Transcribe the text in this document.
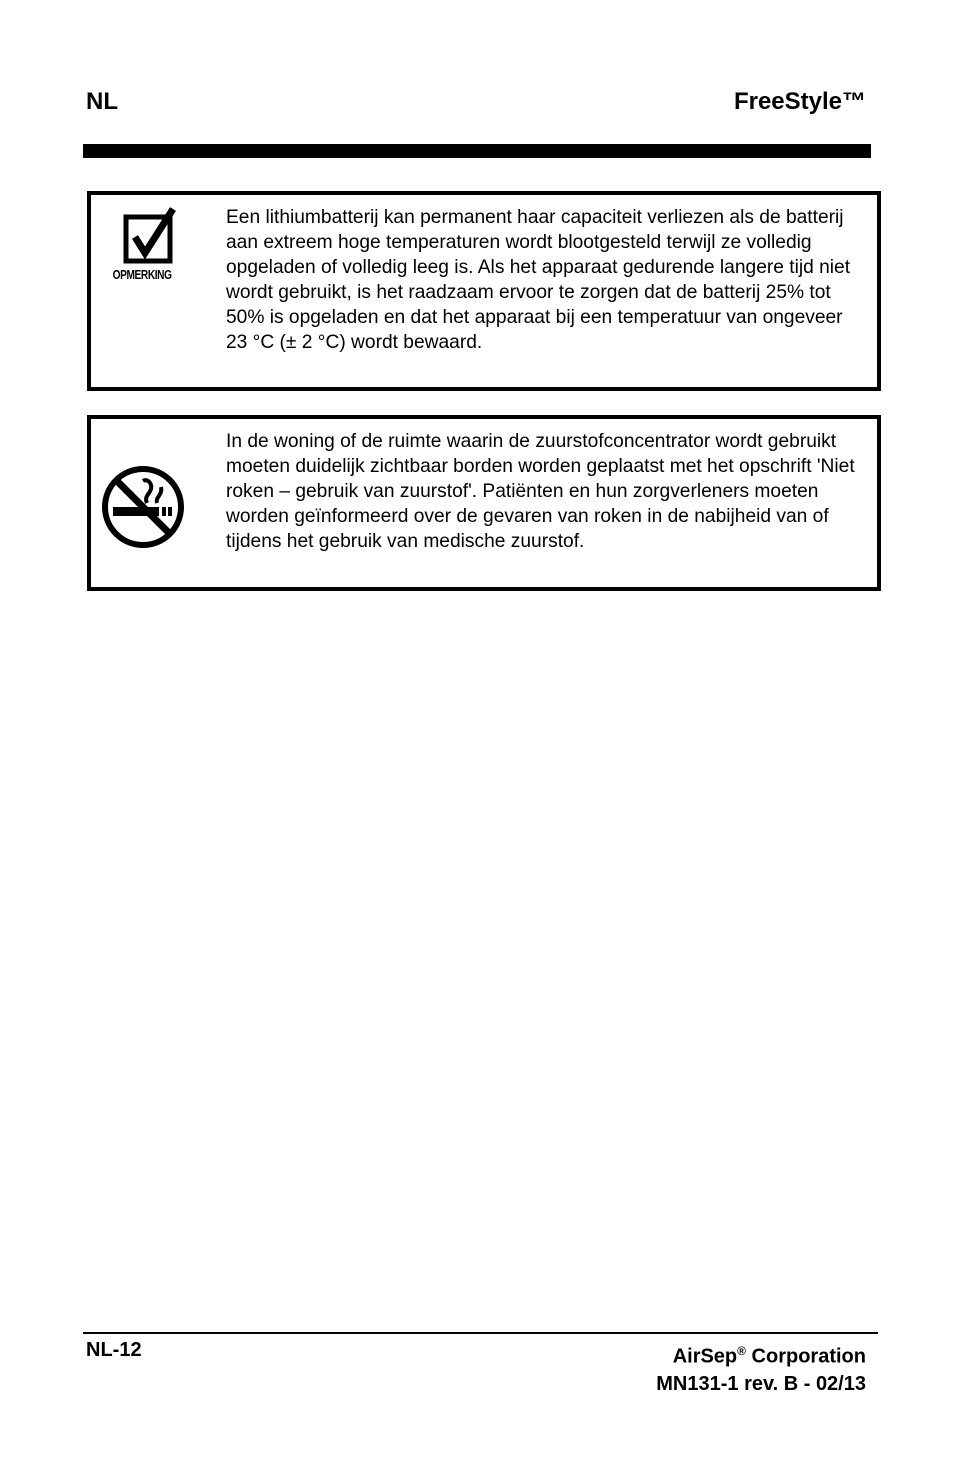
NL	FreeStyle™
OPMERKING
Een lithiumbatterij kan permanent haar capaciteit verliezen als de batterij aan extreem hoge temperaturen wordt blootgesteld terwijl ze volledig opgeladen of volledig leeg is. Als het apparaat gedurende langere tijd niet wordt gebruikt, is het raadzaam ervoor te zorgen dat de batterij 25% tot 50% is opgeladen en dat het apparaat bij een temperatuur van ongeveer 23 °C (± 2 °C) wordt bewaard.
In de woning of de ruimte waarin de zuurstofconcentrator wordt gebruikt moeten duidelijk zichtbaar borden worden geplaatst met het opschrift 'Niet roken – gebruik van zuurstof'. Patiënten en hun zorgverleners moeten worden geïnformeerd over de gevaren van roken in de nabijheid van of tijdens het gebruik van medische zuurstof.
NL-12	AirSep® Corporation
MN131-1 rev. B - 02/13
